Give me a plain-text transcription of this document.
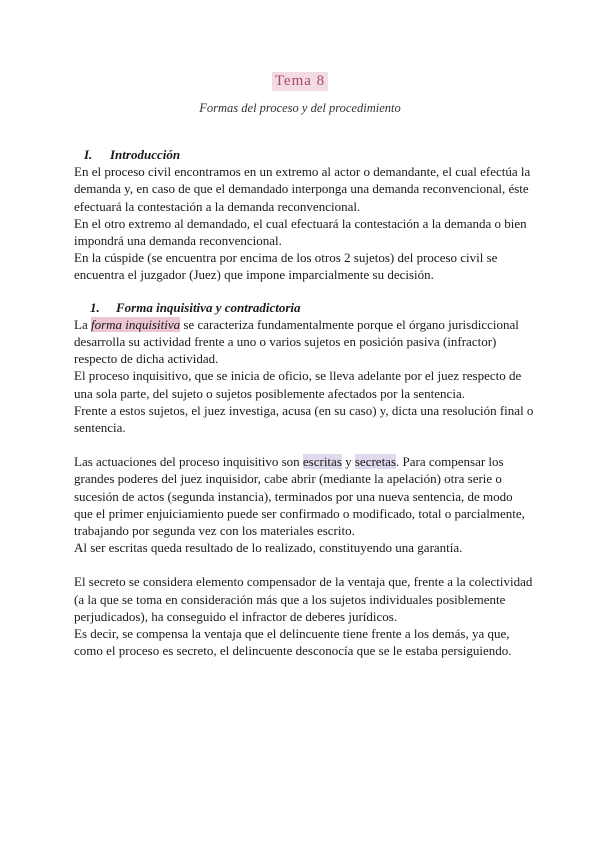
Tema 8
Formas del proceso y del procedimiento
I. Introducción

En el proceso civil encontramos en un extremo al actor o demandante, el cual efectúa la demanda y, en caso de que el demandado interponga una demanda reconvencional, éste efectuará la contestación a la demanda reconvencional.

En el otro extremo al demandado, el cual efectuará la contestación a la demanda o bien impondrá una demanda reconvencional.

En la cúspide (se encuentra por encima de los otros 2 sujetos) del proceso civil se encuentra el juzgador (Juez) que impone imparcialmente su decisión.

1. Forma inquisitiva y contradictoria

La forma inquisitiva se caracteriza fundamentalmente porque el órgano jurisdiccional desarrolla su actividad frente a uno o varios sujetos en posición pasiva (infractor) respecto de dicha actividad.

El proceso inquisitivo, que se inicia de oficio, se lleva adelante por el juez respecto de una sola parte, del sujeto o sujetos posiblemente afectados por la sentencia.

Frente a estos sujetos, el juez investiga, acusa (en su caso) y, dicta una resolución final o sentencia.

Las actuaciones del proceso inquisitivo son escritas y secretas. Para compensar los grandes poderes del juez inquisidor, cabe abrir (mediante la apelación) otra serie o sucesión de actos (segunda instancia), terminados por una nueva sentencia, de modo que el primer enjuiciamiento puede ser confirmado o modificado, total o parcialmente, trabajando por segunda vez con los materiales escrito.

Al ser escritas queda resultado de lo realizado, constituyendo una garantía.

El secreto se considera elemento compensador de la ventaja que, frente a la colectividad (a la que se toma en consideración más que a los sujetos individuales posiblemente perjudicados), ha conseguido el infractor de deberes jurídicos.

Es decir, se compensa la ventaja que el delincuente tiene frente a los demás, ya que, como el proceso es secreto, el delincuente desconocía que se le estaba persiguiendo.
